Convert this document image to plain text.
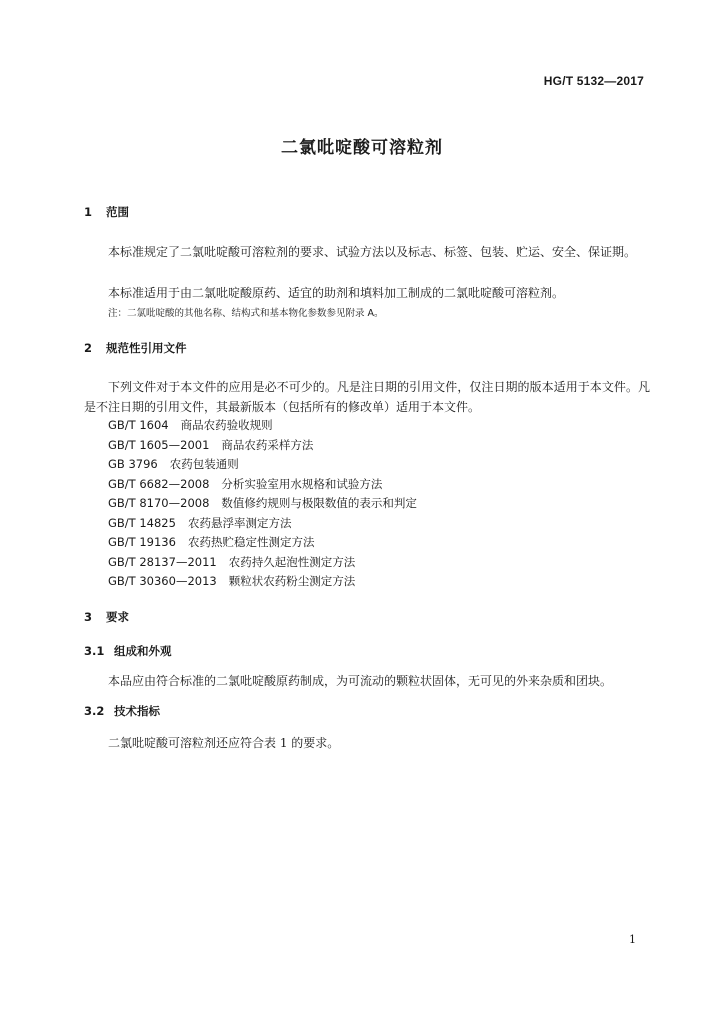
HG/T 5132—2017
二氯吡啶酸可溶粒剂
1 范围
本标准规定了二氯吡啶酸可溶粒剂的要求、试验方法以及标志、标签、包装、贮运、安全、保证期。
本标准适用于由二氯吡啶酸原药、适宜的助剂和填料加工制成的二氯吡啶酸可溶粒剂。
注：二氯吡啶酸的其他名称、结构式和基本物化参数参见附录 A。
2 规范性引用文件
下列文件对于本文件的应用是必不可少的。凡是注日期的引用文件，仅注日期的版本适用于本文件。凡是不注日期的引用文件，其最新版本（包括所有的修改单）适用于本文件。
GB/T 1604 商品农药验收规则
GB/T 1605—2001 商品农药采样方法
GB 3796 农药包装通则
GB/T 6682—2008 分析实验室用水规格和试验方法
GB/T 8170—2008 数值修约规则与极限数值的表示和判定
GB/T 14825 农药悬浮率测定方法
GB/T 19136 农药热贮稳定性测定方法
GB/T 28137—2011 农药持久起泡性测定方法
GB/T 30360—2013 颗粒状农药粉尘测定方法
3 要求
3.1 组成和外观
本品应由符合标准的二氯吡啶酸原药制成，为可流动的颗粒状固体，无可见的外来杂质和团块。
3.2 技术指标
二氯吡啶酸可溶粒剂还应符合表 1 的要求。
1
